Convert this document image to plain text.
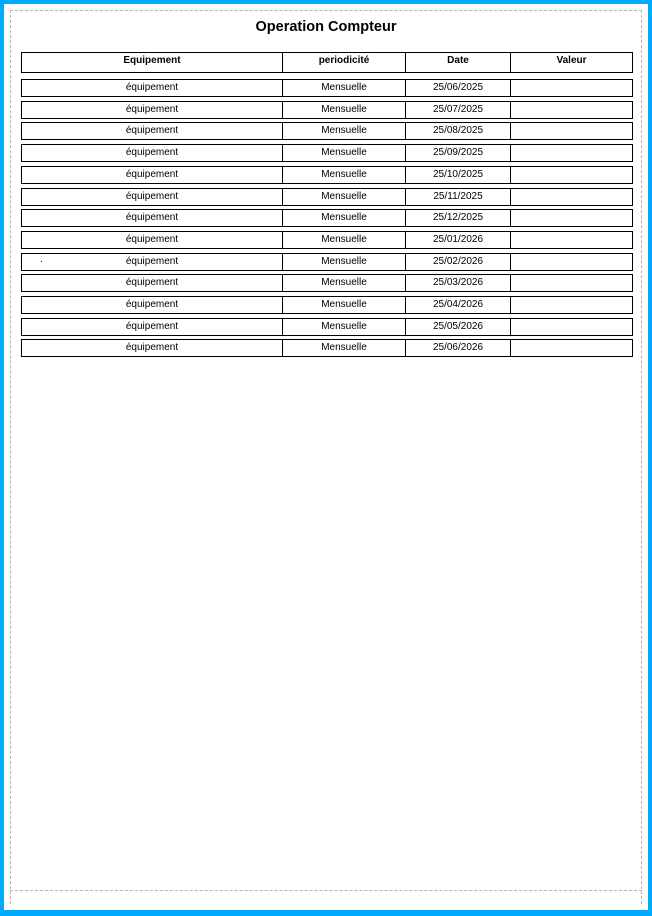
Operation Compteur
Equipement	periodicité	Date	Valeur
équipement	Mensuelle	25/06/2025
équipement	Mensuelle	25/07/2025
équipement	Mensuelle	25/08/2025
équipement	Mensuelle	25/09/2025
équipement	Mensuelle	25/10/2025
équipement	Mensuelle	25/11/2025
équipement	Mensuelle	25/12/2025
équipement	Mensuelle	25/01/2026
équipement	Mensuelle	25/02/2026
équipement	Mensuelle	25/03/2026
équipement	Mensuelle	25/04/2026
équipement	Mensuelle	25/05/2026
équipement	Mensuelle	25/06/2026
.
